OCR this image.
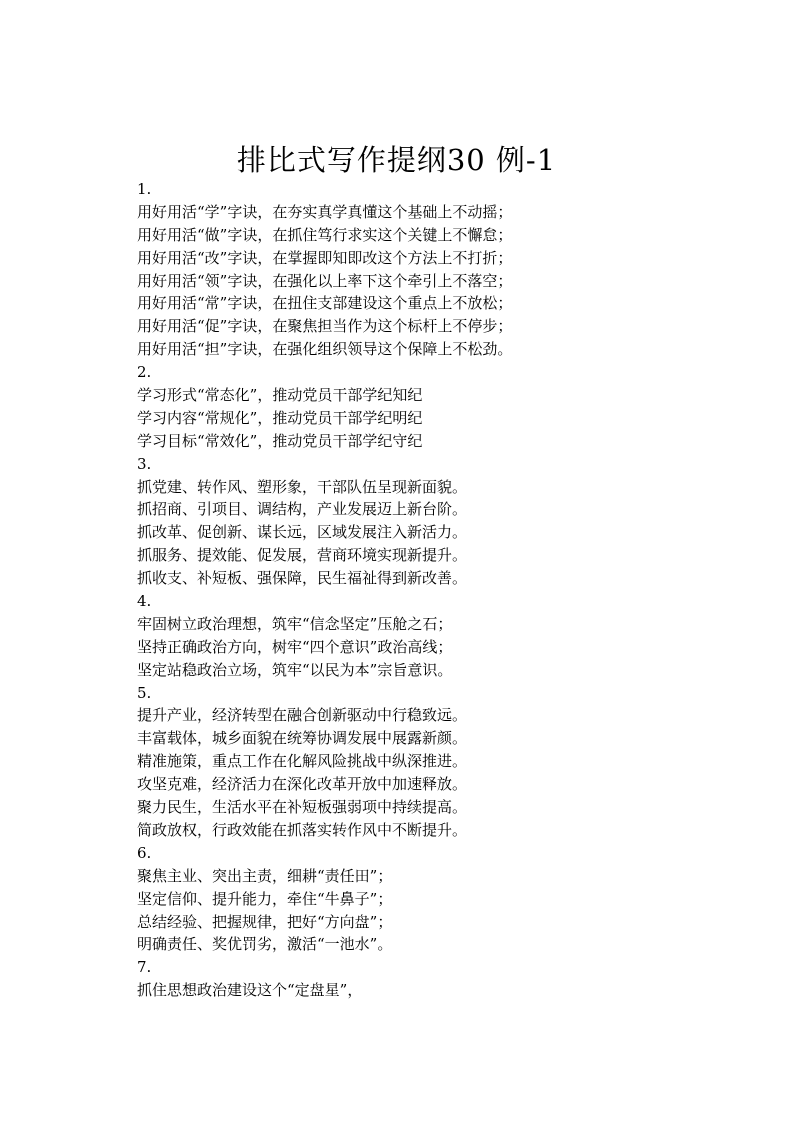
排比式写作提纲30 例-1

1.

用好用活“学”字诀，在夯实真学真懂这个基础上不动摇；

用好用活“做”字诀，在抓住笃行求实这个关键上不懈怠；

用好用活“改”字诀，在掌握即知即改这个方法上不打折；

用好用活“领”字诀，在强化以上率下这个牵引上不落空；

用好用活“常”字诀，在扭住支部建设这个重点上不放松；

用好用活“促”字诀，在聚焦担当作为这个标杆上不停步；

用好用活“担”字诀，在强化组织领导这个保障上不松劲。

2.

学习形式“常态化”，推动党员干部学纪知纪

学习内容“常规化”，推动党员干部学纪明纪

学习目标“常效化”，推动党员干部学纪守纪

3.

抓党建、转作风、塑形象，干部队伍呈现新面貌。

抓招商、引项目、调结构，产业发展迈上新台阶。

抓改革、促创新、谋长远，区域发展注入新活力。

抓服务、提效能、促发展，营商环境实现新提升。

抓收支、补短板、强保障，民生福祉得到新改善。

4.

牢固树立政治理想，筑牢“信念坚定”压舱之石；

坚持正确政治方向，树牢“四个意识”政治高线；

坚定站稳政治立场，筑牢“以民为本”宗旨意识。

5.

提升产业，经济转型在融合创新驱动中行稳致远。

丰富载体，城乡面貌在统筹协调发展中展露新颜。

精准施策，重点工作在化解风险挑战中纵深推进。

攻坚克难，经济活力在深化改革开放中加速释放。

聚力民生，生活水平在补短板强弱项中持续提高。

简政放权，行政效能在抓落实转作风中不断提升。

6.

聚焦主业、突出主责，细耕“责任田”；

坚定信仰、提升能力，牵住“牛鼻子”；

总结经验、把握规律，把好“方向盘”；

明确责任、奖优罚劣，激活“一池水”。

7.

抓住思想政治建设这个“定盘星”，
